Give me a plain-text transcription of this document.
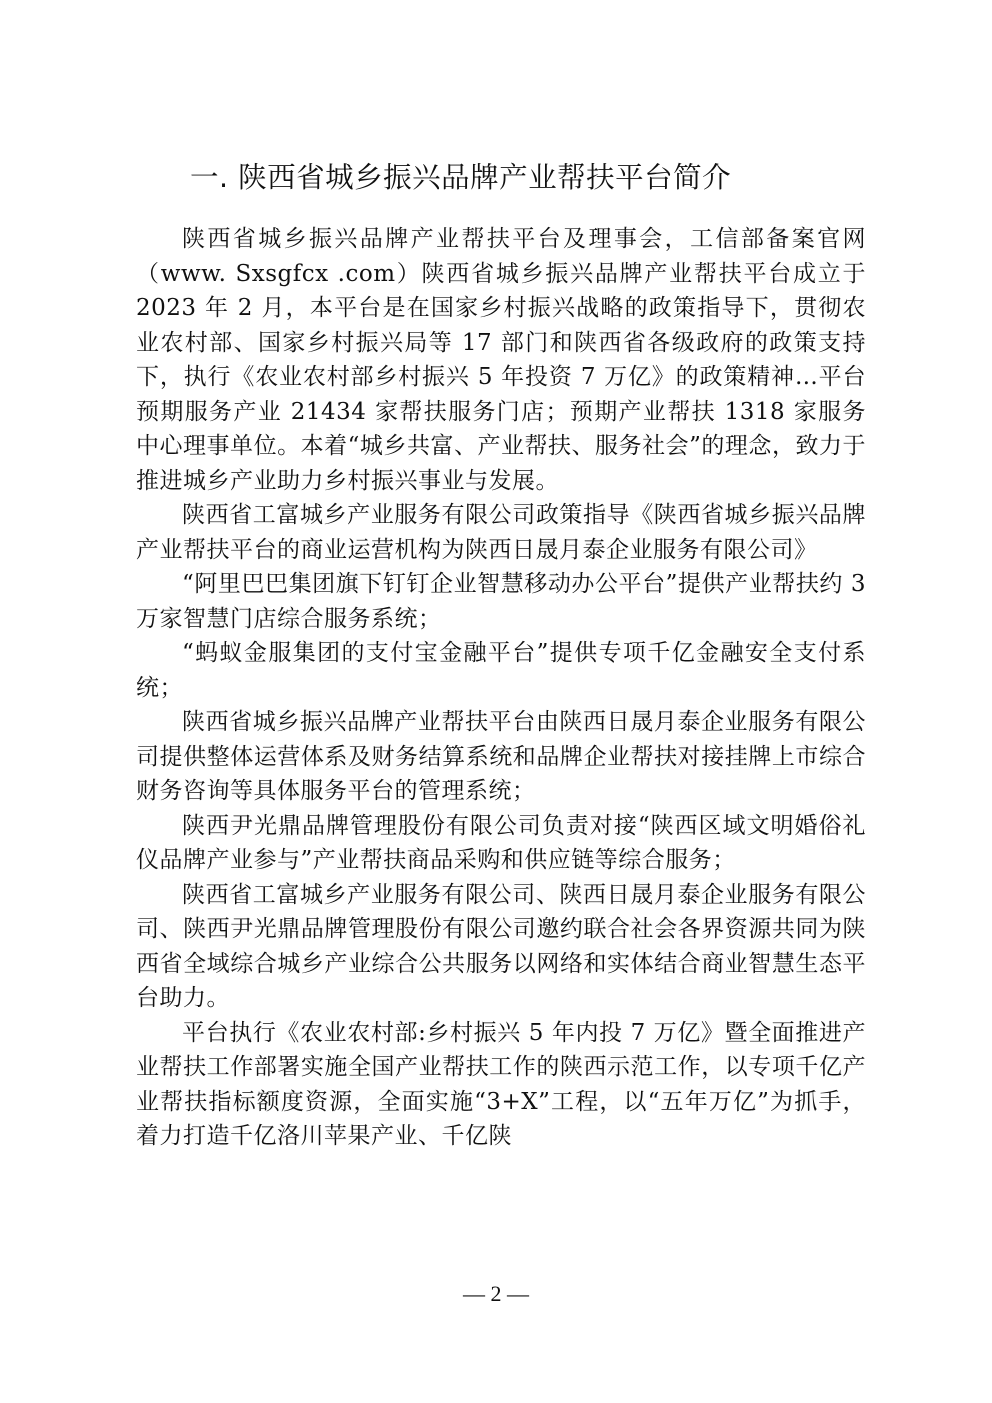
一. 陕西省城乡振兴品牌产业帮扶平台简介

陕西省城乡振兴品牌产业帮扶平台及理事会，工信部备案官网 （www. Sxsgfcx .com）陕西省城乡振兴品牌产业帮扶平台成立于 2023 年 2 月，本平台是在国家乡村振兴战略的政策指导下，贯彻农业农村部、国家乡村振兴局等 17 部门和陕西省各级政府的政策支持下，执行《农业农村部乡村振兴 5 年投资 7 万亿》的政策精神…平台预期服务产业 21434 家帮扶服务门店；预期产业帮扶 1318 家服务中心理事单位。本着“城乡共富、产业帮扶、服务社会”的理念，致力于推进城乡产业助力乡村振兴事业与发展。

陕西省工富城乡产业服务有限公司政策指导《陕西省城乡振兴品牌产业帮扶平台的商业运营机构为陕西日晟月泰企业服务有限公司》

“阿里巴巴集团旗下钉钉企业智慧移动办公平台”提供产业帮扶约 3 万家智慧门店综合服务系统；

“蚂蚁金服集团的支付宝金融平台”提供专项千亿金融安全支付系统；

陕西省城乡振兴品牌产业帮扶平台由陕西日晟月泰企业服务有限公司提供整体运营体系及财务结算系统和品牌企业帮扶对接挂牌上市综合财务咨询等具体服务平台的管理系统；

陕西尹光鼎品牌管理股份有限公司负责对接“陕西区域文明婚俗礼仪品牌产业参与”产业帮扶商品采购和供应链等综合服务；

陕西省工富城乡产业服务有限公司、陕西日晟月泰企业服务有限公司、陕西尹光鼎品牌管理股份有限公司邀约联合社会各界资源共同为陕西省全域综合城乡产业综合公共服务以网络和实体结合商业智慧生态平台助力。

平台执行《农业农村部:乡村振兴 5 年内投 7 万亿》暨全面推进产业帮扶工作部署实施全国产业帮扶工作的陕西示范工作，以专项千亿产业帮扶指标额度资源，全面实施“3+X”工程，以“五年万亿”为抓手，着力打造千亿洛川苹果产业、千亿陕

— 2 —
